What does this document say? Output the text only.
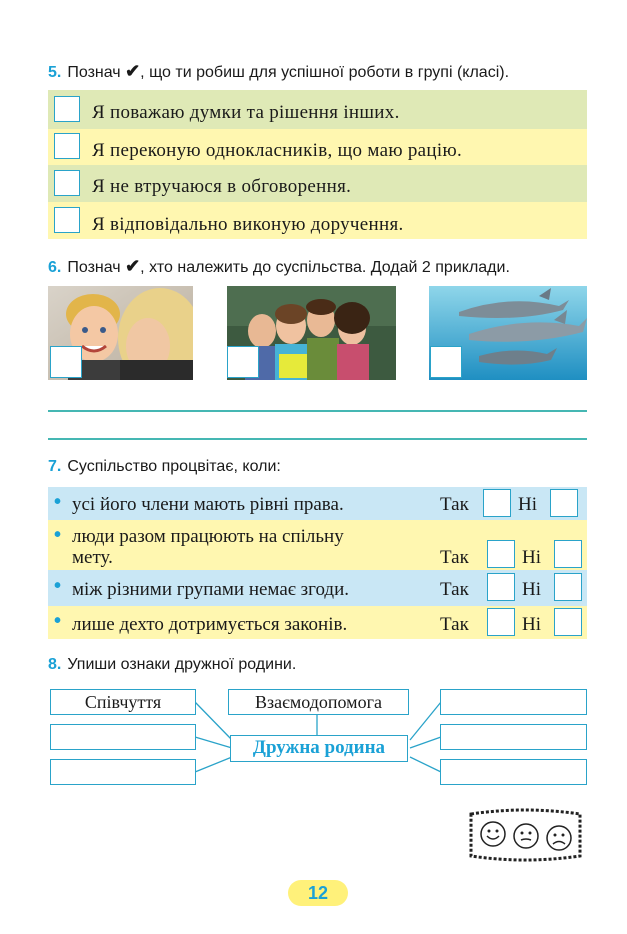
5. Познач ✔, що ти робиш для успішної роботи в групі (класі).
Я поважаю думки та рішення інших.
Я переконую однокласників, що маю рацію.
Я не втручаюся в обговорення.
Я відповідально виконую доручення.
6. Познач ✔, хто належить до суспільства. Додай 2 приклади.
7. Суспільство процвітає, коли:
• усі його члени мають рівні права.	Так	Ні
• люди разом працюють на спільну
мету.	Так	Ні
• між різними групами немає згоди.	Так	Ні
• лише дехто дотримується законів.	Так	Ні
8. Упиши ознаки дружної родини.
Співчуття	Взаємодопомога
Дружна родина
12
